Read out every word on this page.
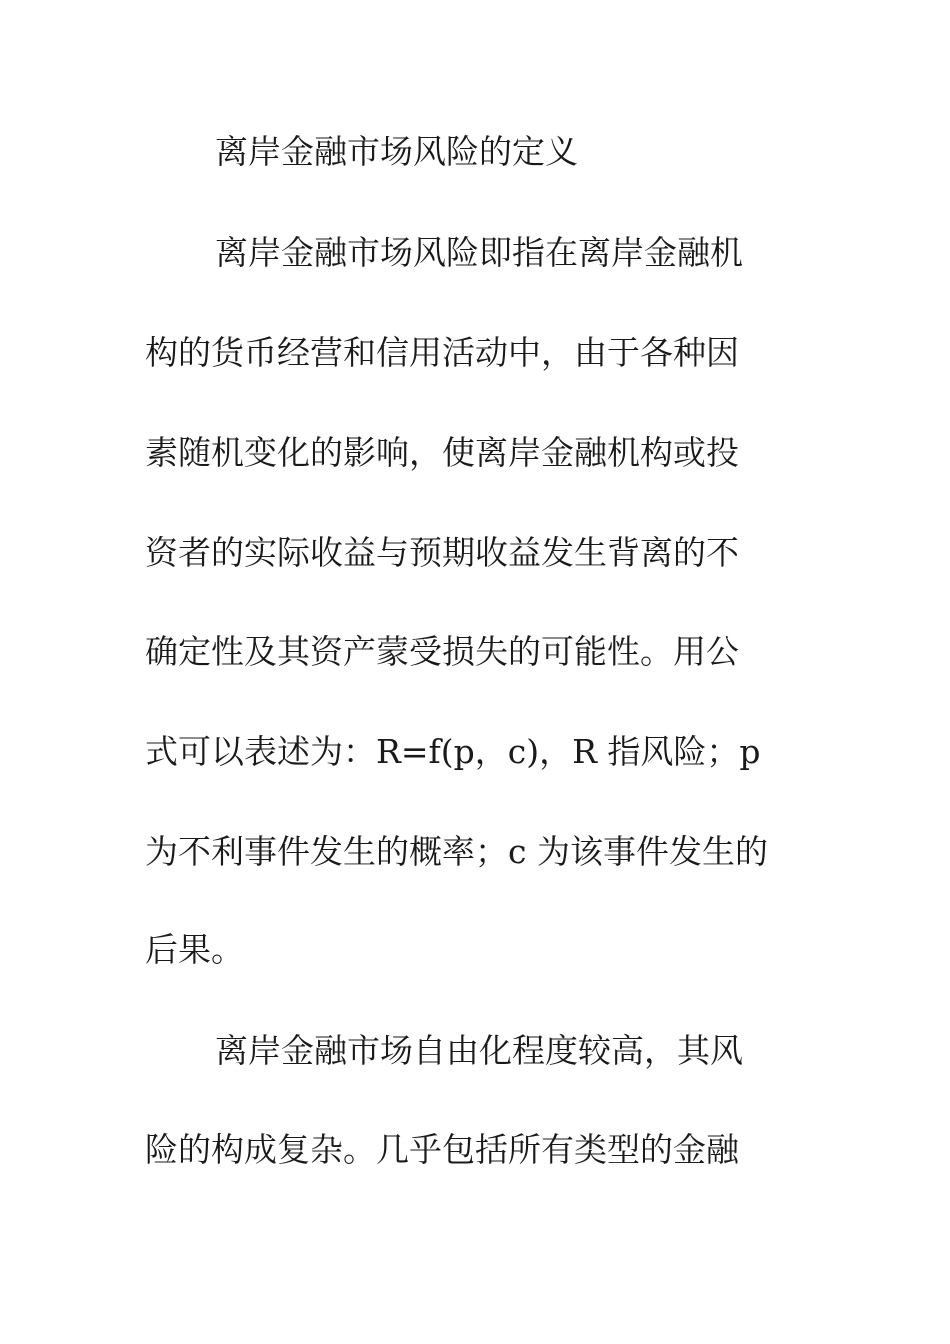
离岸金融市场风险的定义
离岸金融市场风险即指在离岸金融机
构的货币经营和信用活动中，由于各种因
素随机变化的影响，使离岸金融机构或投
资者的实际收益与预期收益发生背离的不
确定性及其资产蒙受损失的可能性。用公
式可以表述为：R=f(p，c)，R 指风险；p
为不利事件发生的概率；c 为该事件发生的
后果。
离岸金融市场自由化程度较高，其风
险的构成复杂。几乎包括所有类型的金融
